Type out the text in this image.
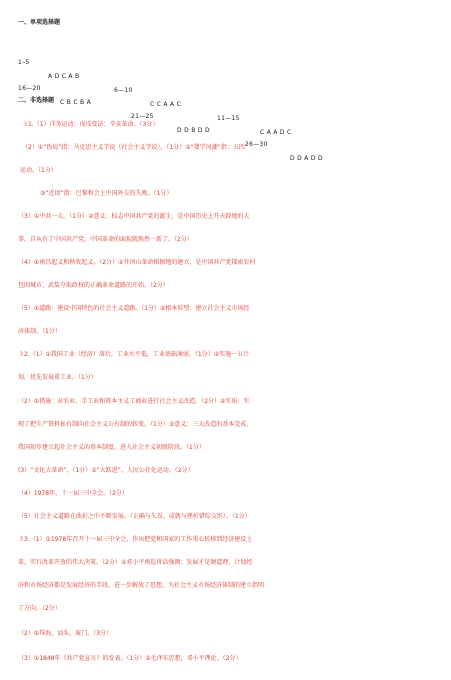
一、单项选择题

1–5

A D C A B

6—10

C C A A C

11—15

C A A D C

16—20

C B C B A

21—25

D D B D D

26—30

D D A D D

二、非选择题
３1.（1）洋务运动；戊戌变法；辛亥革命。（3分）
（2）①“伪说”指：马克思主义学说（社会主义学说）。（1分）②“婴学风潮”指：五四
运动。（1分）
③“近因”指：巴黎和会上中国外交的失败。（1分）
（3）①中共一大。（1分）②意义：标志中国共产党的诞生，是中国历史上开天辟地的大
事，自从有了中国共产党，中国革命的面貌就焕然一新了。（2分）
（4）①南昌起义和秋收起义。（2分）②井冈山革命根据地的建立，是中国共产党探索农村
包围城市，武装夺取政权的正确革命道路的开始。（2分）
（5）①道路：建设中国特色的社会主义道路。（1分）②根本转型：建立社会主义市场经
济体制。（1分）
３2.（1）①我国工业（经济）落后，工业水平低，工业基础薄弱。（1分）②实施一五计
划，优先发展重工业。（1分）
（2）①措施：对农业、手工业和资本主义工商业进行社会主义改造。（2分）②实质：实
现了把生产资料私有制向社会主义公有制的转变。（1分）③意义：三大改造的基本完成，
我国初步建立起社会主义的基本制度，进入社会主义初级阶段。（1分）
(3）“文化大革命”。（1分）②“大跃进”、人民公社化运动。（2分）
（4）1978年，十一届三中全会。（2分）
（5）社会主义道路在曲折之中不断发展。（正确与失误、成就与挫折错综交织）。（1分）
３3.（1）①1978年召开十一届三中全会，作出把党和国家的工作重心转移到经济建设上
来，实行改革开放的伟大决策。（2分）②邓小平南巡讲话强调：发展才是硬道理，计划经
济和市场经济都是发展经济的手段，进一步解放了思想，为社会主义市场经济体制的建立指明
了方向。（2分）
（2）①珠海、汕头、厦门。（3分）
（3）①1848年《共产党宣言》的发表。（1分）②毛泽东思想，邓小平理论。（2分）
